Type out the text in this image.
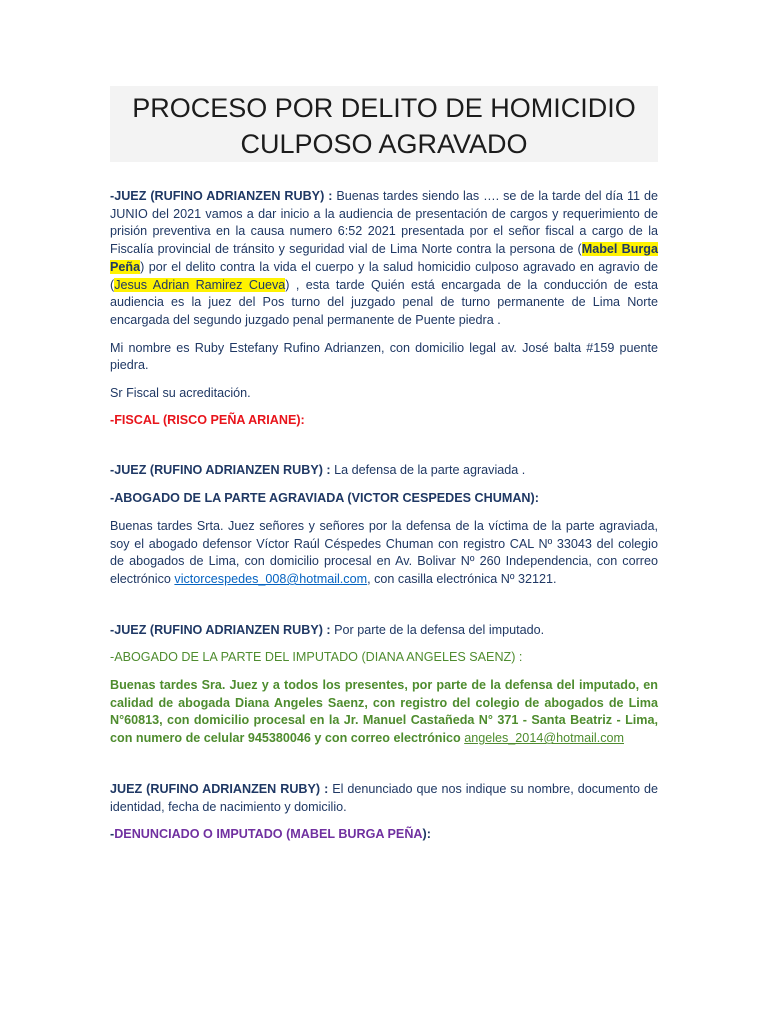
PROCESO POR DELITO DE HOMICIDIO
CULPOSO AGRAVADO

-JUEZ (RUFINO ADRIANZEN RUBY) : Buenas tardes siendo las …. se de la tarde del día 11 de JUNIO del 2021 vamos a dar inicio a la audiencia de presentación de cargos y requerimiento de prisión preventiva en la causa numero 6:52 2021 presentada por el señor fiscal a cargo de la Fiscalía provincial de tránsito y seguridad vial de Lima Norte contra la persona de (Mabel Burga Peña) por el delito contra la vida el cuerpo y la salud homicidio culposo agravado en agravio de (Jesus Adrian Ramirez Cueva) , esta tarde Quién está encargada de la conducción de esta audiencia es la juez del Pos turno del juzgado penal de turno permanente de Lima Norte encargada del segundo juzgado penal permanente de Puente piedra .

Mi nombre es Ruby Estefany Rufino Adrianzen, con domicilio legal av. José balta #159 puente piedra.

Sr Fiscal su acreditación.

-FISCAL (RISCO PEÑA ARIANE):

-JUEZ (RUFINO ADRIANZEN RUBY) : La defensa de la parte agraviada .

-ABOGADO DE LA PARTE AGRAVIADA (VICTOR CESPEDES CHUMAN):

Buenas tardes Srta. Juez señores y señores por la defensa de la víctima de la parte agraviada, soy el abogado defensor Víctor Raúl Céspedes Chuman con registro CAL Nº 33043 del colegio de abogados de Lima, con domicilio procesal en Av. Bolivar Nº 260 Independencia, con correo electrónico victorcespedes_008@hotmail.com, con casilla electrónica Nº 32121.

-JUEZ (RUFINO ADRIANZEN RUBY) : Por parte de la defensa del imputado.

-ABOGADO DE LA PARTE DEL IMPUTADO (DIANA ANGELES SAENZ) :

Buenas tardes Sra. Juez y a todos los presentes, por parte de la defensa del imputado, en calidad de abogada Diana Angeles Saenz, con registro del colegio de abogados de Lima N°60813, con domicilio procesal en la Jr. Manuel Castañeda N° 371 - Santa Beatriz - Lima, con numero de celular 945380046 y con correo electrónico angeles_2014@hotmail.com

JUEZ (RUFINO ADRIANZEN RUBY) : El denunciado que nos indique su nombre, documento de identidad, fecha de nacimiento y domicilio.

-DENUNCIADO O IMPUTADO (MABEL BURGA PEÑA):
